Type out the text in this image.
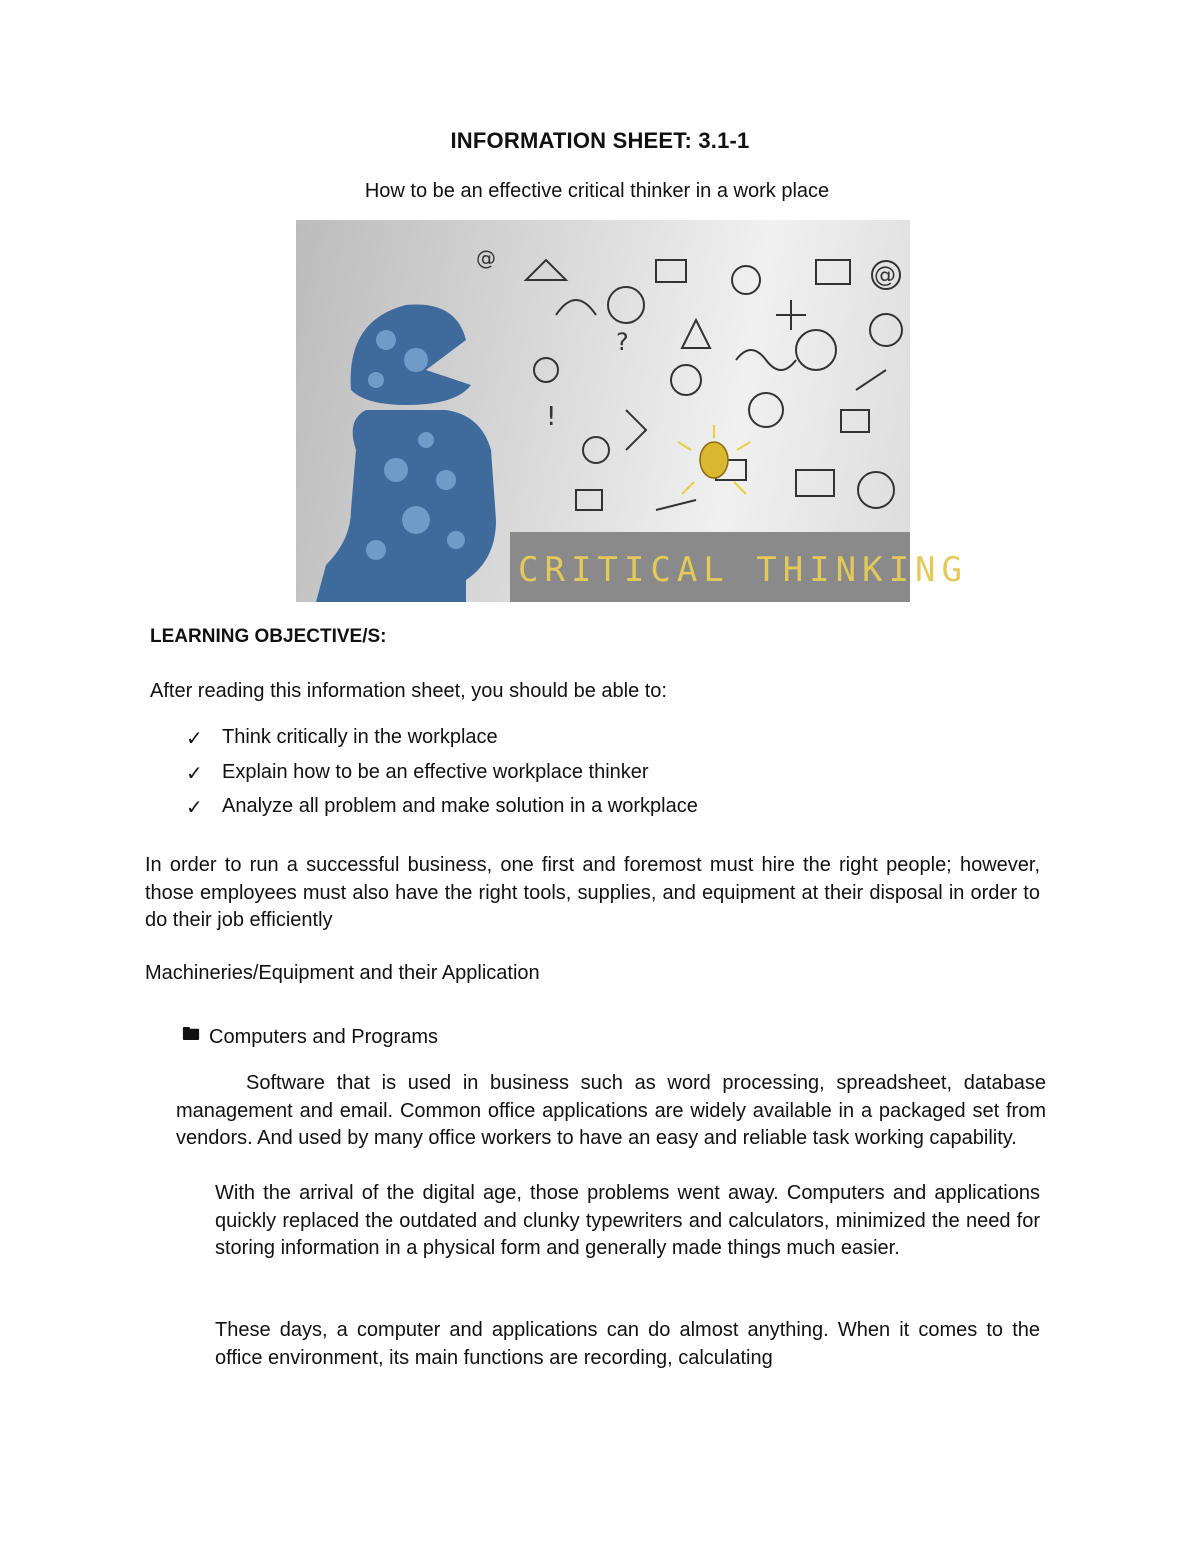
INFORMATION SHEET: 3.1-1
How to be an effective critical thinker in a work place
@
@
!
?
CRITICAL THINKING
LEARNING OBJECTIVE/S:
After reading this information sheet, you should be able to:
✓ Think critically in the workplace
✓ Explain how to be an effective workplace thinker
✓ Analyze all problem and make solution in a workplace
In order to run a successful business, one first and foremost must hire the right people; however, those employees must also have the right tools, supplies, and equipment at their disposal in order to do their job efficiently
Machineries/Equipment and their Application
🖿 Computers and Programs
Software that is used in business such as word processing, spreadsheet, database management and email. Common office applications are widely available in a packaged set from vendors. And used by many office workers to have an easy and reliable task working capability.
With the arrival of the digital age, those problems went away. Computers and applications quickly replaced the outdated and clunky typewriters and calculators, minimized the need for storing information in a physical form and generally made things much easier.
These days, a computer and applications can do almost anything. When it comes to the office environment, its main functions are recording, calculating
